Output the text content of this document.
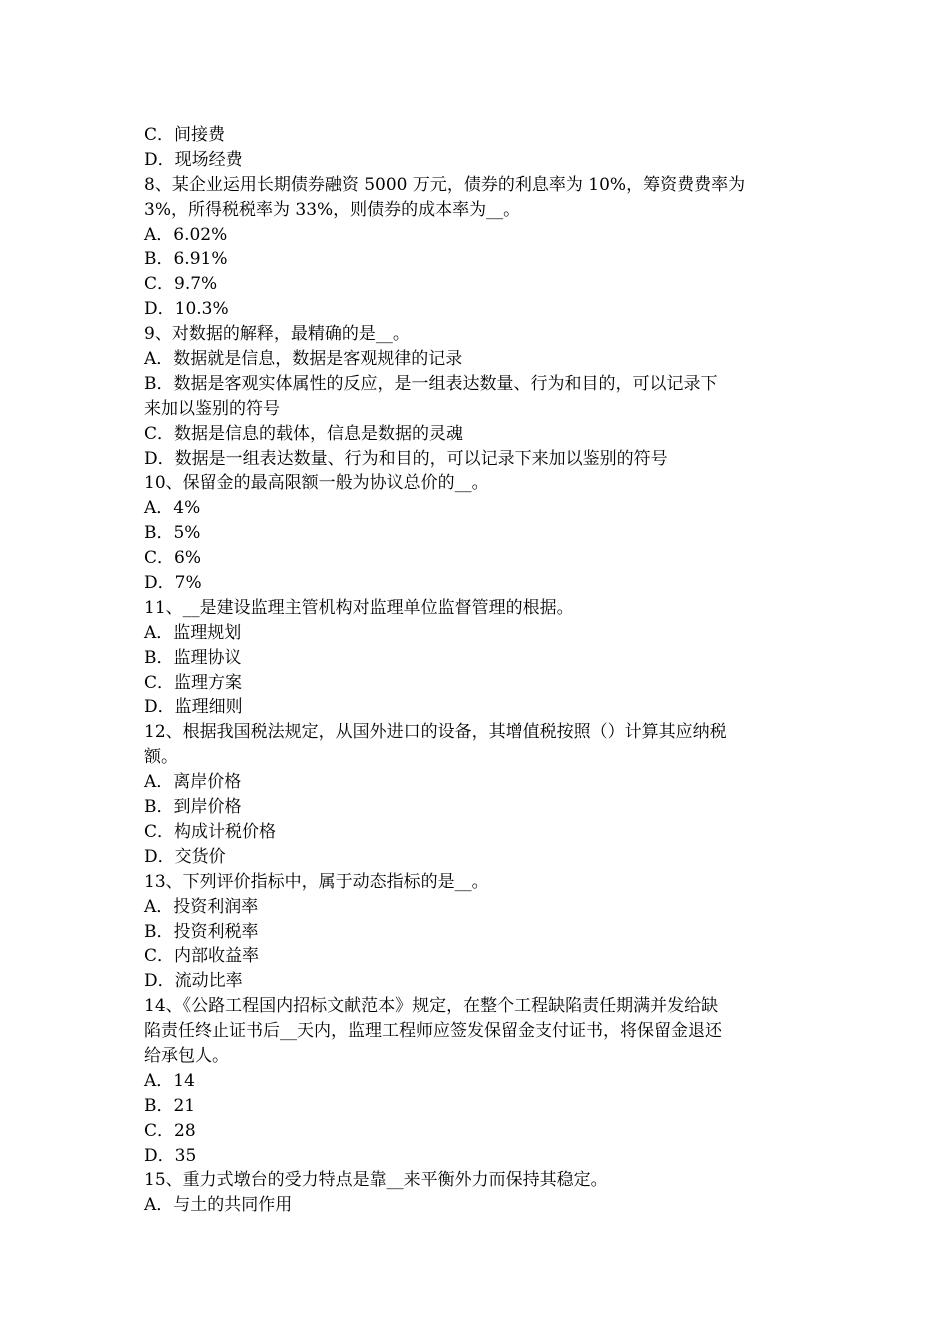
C．间接费
D．现场经费
8、某企业运用长期债券融资 5000 万元，债券的利息率为 10%，筹资费费率为
3%，所得税税率为 33%，则债券的成本率为__。
A．6.02%
B．6.91%
C．9.7%
D．10.3%
9、对数据的解释，最精确的是__。
A．数据就是信息，数据是客观规律的记录
B．数据是客观实体属性的反应，是一组表达数量、行为和目的，可以记录下
来加以鉴别的符号
C．数据是信息的载体，信息是数据的灵魂
D．数据是一组表达数量、行为和目的，可以记录下来加以鉴别的符号
10、保留金的最高限额一般为协议总价的__。
A．4%
B．5%
C．6%
D．7%
11、__是建设监理主管机构对监理单位监督管理的根据。
A．监理规划
B．监理协议
C．监理方案
D．监理细则
12、根据我国税法规定，从国外进口的设备，其增值税按照（）计算其应纳税
额。
A．离岸价格
B．到岸价格
C．构成计税价格
D．交货价
13、下列评价指标中，属于动态指标的是__。
A．投资利润率
B．投资利税率
C．内部收益率
D．流动比率
14、《公路工程国内招标文献范本》规定，在整个工程缺陷责任期满并发给缺
陷责任终止证书后__天内，监理工程师应签发保留金支付证书，将保留金退还
给承包人。
A．14
B．21
C．28
D．35
15、重力式墩台的受力特点是靠__来平衡外力而保持其稳定。
A．与土的共同作用
